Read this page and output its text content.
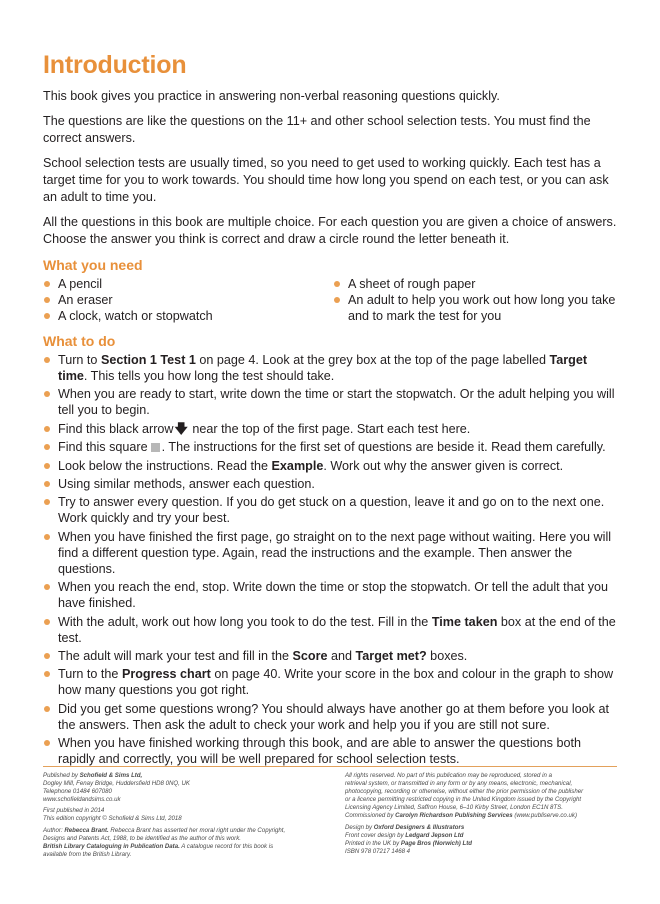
Introduction

This book gives you practice in answering non-verbal reasoning questions quickly.

The questions are like the questions on the 11+ and other school selection tests. You must find the correct answers.

School selection tests are usually timed, so you need to get used to working quickly. Each test has a target time for you to work towards. You should time how long you spend on each test, or you can ask an adult to time you.

All the questions in this book are multiple choice. For each question you are given a choice of answers. Choose the answer you think is correct and draw a circle round the letter beneath it.

What you need
A pencil
An eraser
A clock, watch or stopwatch
A sheet of rough paper
An adult to help you work out how long you take and to mark the test for you
What to do
Turn to Section 1 Test 1 on page 4. Look at the grey box at the top of the page labelled Target time. This tells you how long the test should take.
When you are ready to start, write down the time or start the stopwatch. Or the adult helping you will tell you to begin.
Find this black arrow🡇 near the top of the first page. Start each test here.
Find this square . The instructions for the first set of questions are beside it. Read them carefully.
Look below the instructions. Read the Example. Work out why the answer given is correct.
Using similar methods, answer each question.
Try to answer every question. If you do get stuck on a question, leave it and go on to the next one. Work quickly and try your best.
When you have finished the first page, go straight on to the next page without waiting. Here you will find a different question type. Again, read the instructions and the example. Then answer the questions.
When you reach the end, stop. Write down the time or stop the stopwatch. Or tell the adult that you have finished.
With the adult, work out how long you took to do the test. Fill in the Time taken box at the end of the test.
The adult will mark your test and fill in the Score and Target met? boxes.
Turn to the Progress chart on page 40. Write your score in the box and colour in the graph to show how many questions you got right.
Did you get some questions wrong? You should always have another go at them before you look at the answers. Then ask the adult to check your work and help you if you are still not sure.
When you have finished working through this book, and are able to answer the questions both rapidly and correctly, you will be well prepared for school selection tests.
Published by Schofield & Sims Ltd,
Dogley Mill, Fenay Bridge, Huddersfield HD8 0NQ, UK
Telephone 01484 607080
www.schofieldandsims.co.uk
First published in 2014
This edition copyright © Schofield & Sims Ltd, 2018
Author: Rebecca Brant. Rebecca Brant has asserted her moral right under the Copyright,
Designs and Patents Act, 1988, to be identified as the author of this work.
British Library Cataloguing in Publication Data. A catalogue record for this book is
available from the British Library.
All rights reserved. No part of this publication may be reproduced, stored in a
retrieval system, or transmitted in any form or by any means, electronic, mechanical,
photocopying, recording or otherwise, without either the prior permission of the publisher
or a licence permitting restricted copying in the United Kingdom issued by the Copyright
Licensing Agency Limited, Saffron House, 6–10 Kirby Street, London EC1N 8TS.
Commissioned by Carolyn Richardson Publishing Services (www.publiserve.co.uk)
Design by Oxford Designers & Illustrators
Front cover design by Ledgard Jepson Ltd
Printed in the UK by Page Bros (Norwich) Ltd
ISBN 978 07217 1468 4
